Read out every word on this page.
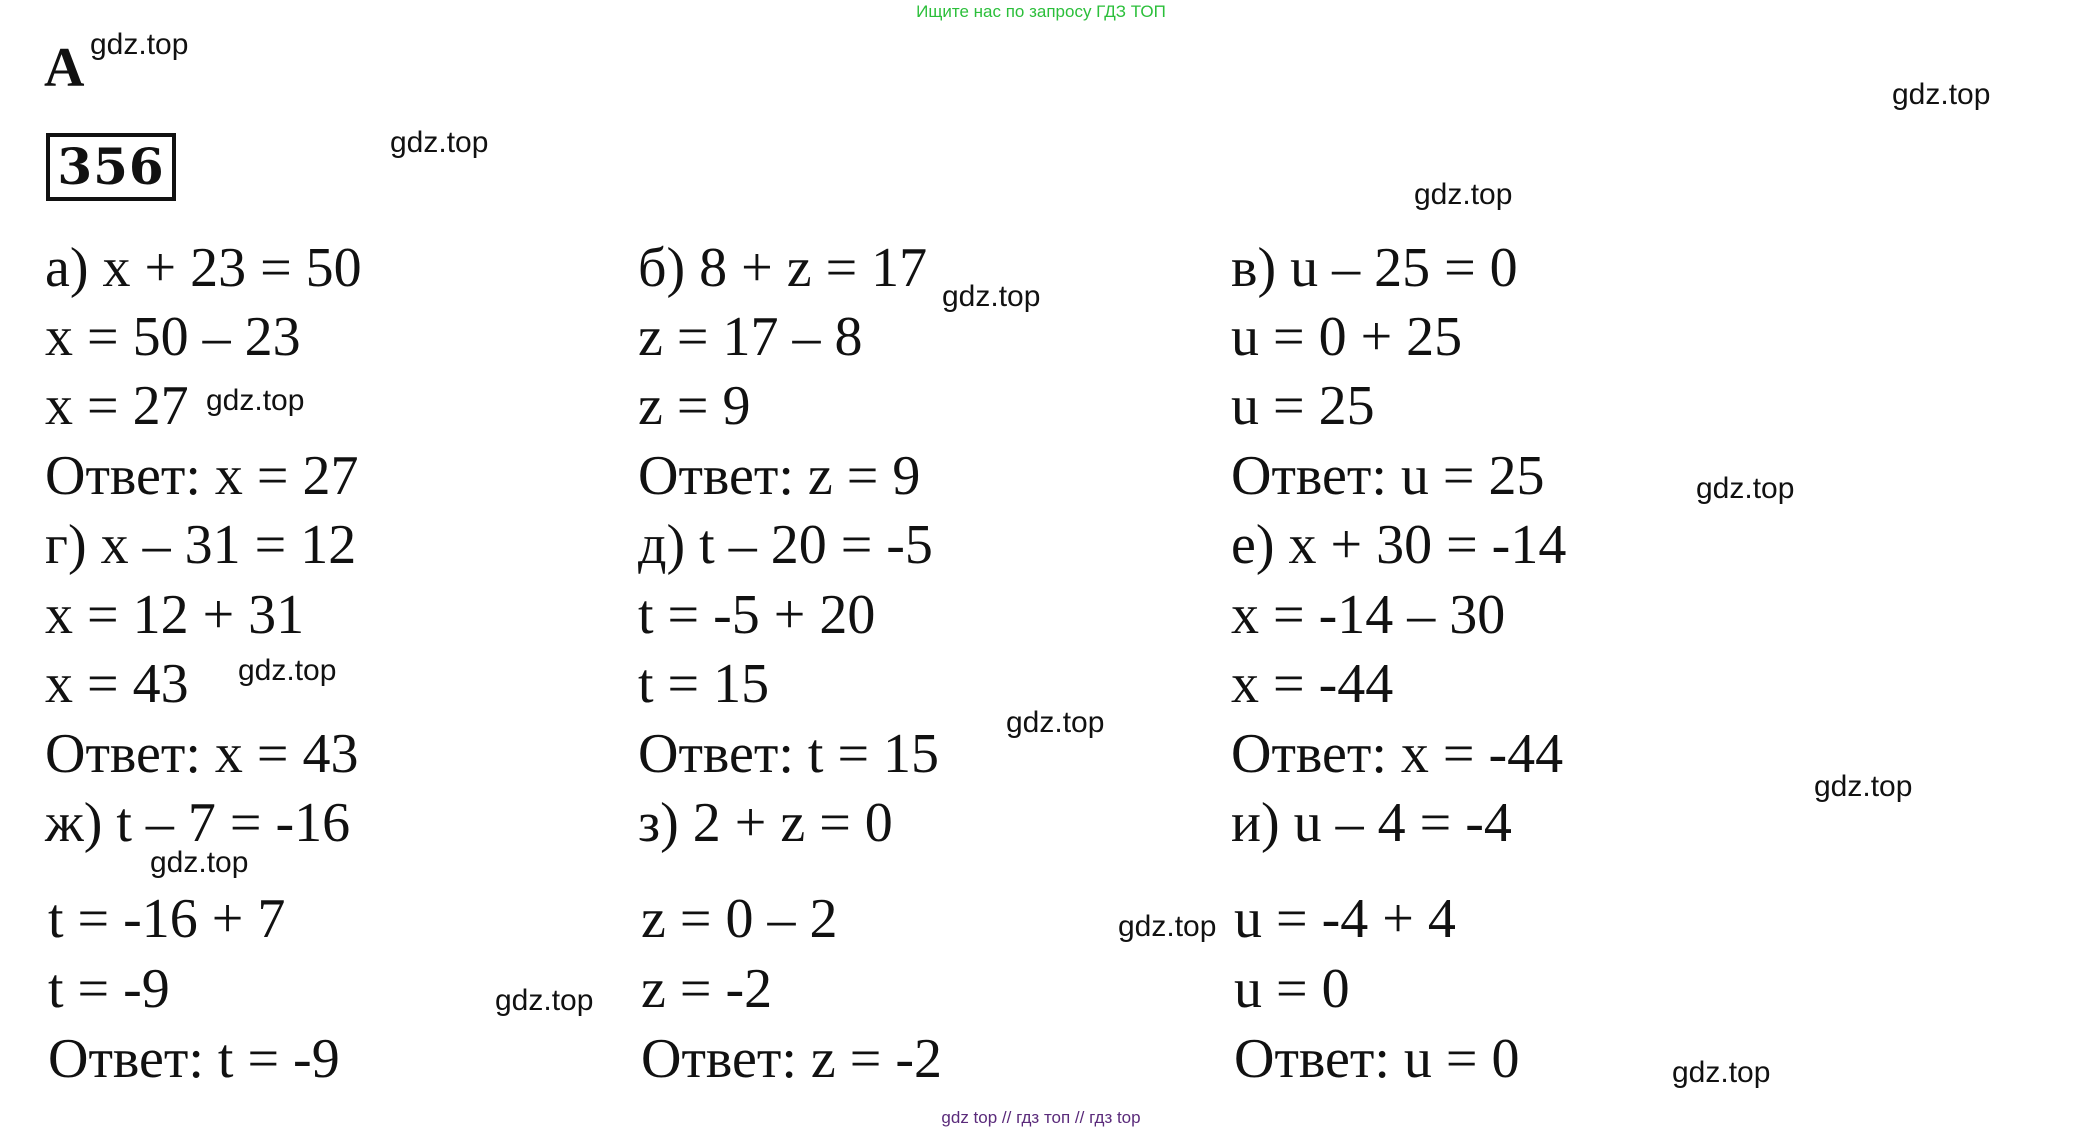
Ищите нас по запросу ГДЗ ТОП
А
356
gdz.top
gdz.top
gdz.top
gdz.top
gdz.top
gdz.top
gdz.top
gdz.top
gdz.top
gdz.top
gdz.top
gdz.top
gdz.top
gdz.top
а) x + 23 = 50
x = 50 – 23
x = 27
Ответ: x = 27
б) 8 + z = 17
z = 17 – 8
z = 9
Ответ: z = 9
в) u – 25 = 0
u = 0 + 25
u = 25
Ответ: u = 25
г) x – 31 = 12
x = 12 + 31
x = 43
Ответ: x = 43
д) t – 20 = -5
t = -5 + 20
t = 15
Ответ: t = 15
е) x + 30 = -14
x = -14 – 30
x = -44
Ответ: x = -44
ж) t – 7 = -16
t = -16 + 7
t = -9
Ответ: t = -9
з) 2 + z = 0
z = 0 – 2
z = -2
Ответ: z = -2
и) u – 4 = -4
u = -4 + 4
u = 0
Ответ: u = 0
gdz top // гдз топ // гдз top
